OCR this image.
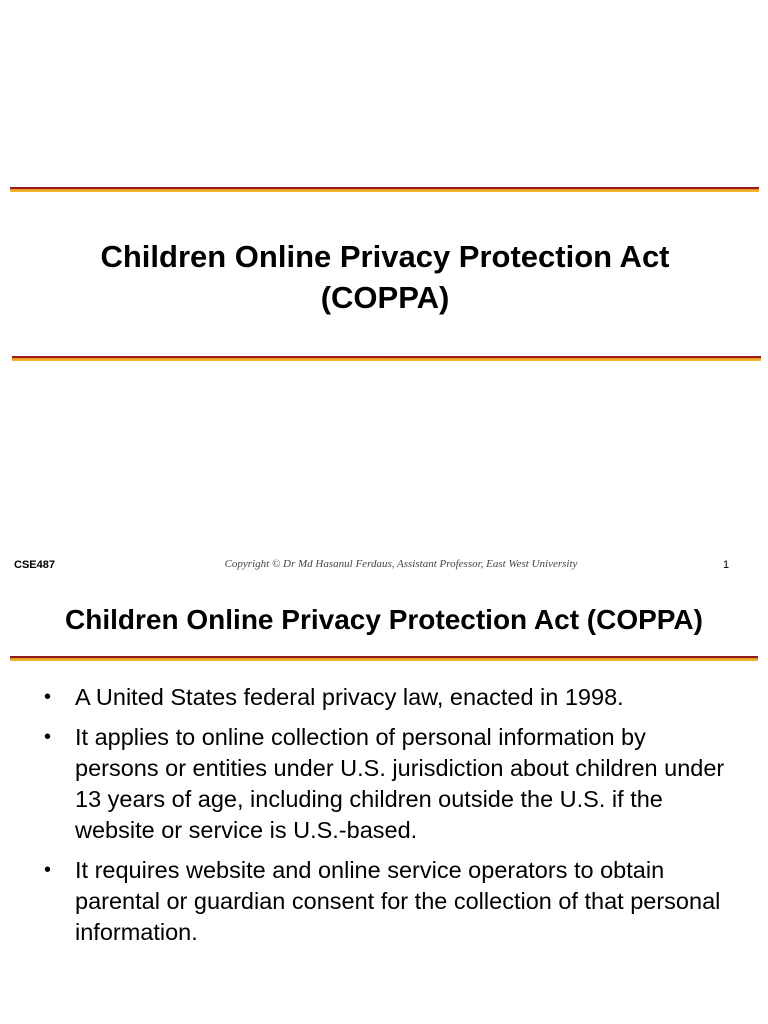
Children Online Privacy Protection Act (COPPA)
CSE487	Copyright © Dr Md Hasanul Ferdaus, Assistant Professor, East West University	1
Children Online Privacy Protection Act (COPPA)
• A United States federal privacy law, enacted in 1998.
• It applies to online collection of personal information by persons or entities under U.S. jurisdiction about children under 13 years of age, including children outside the U.S. if the website or service is U.S.-based.
• It requires website and online service operators to obtain parental or guardian consent for the collection of that personal information.
